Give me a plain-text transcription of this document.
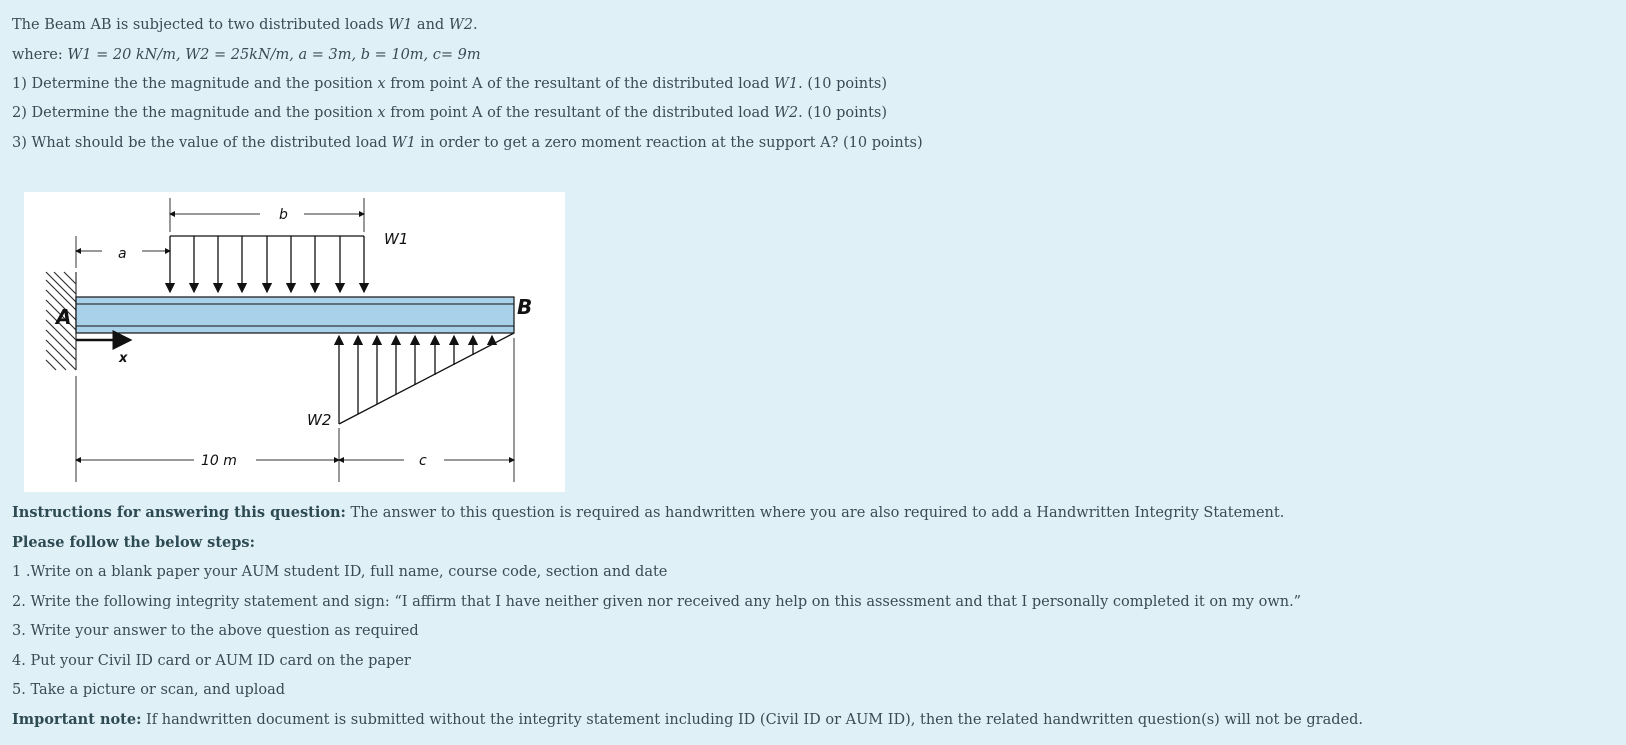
The Beam AB is subjected to two distributed loads W1 and W2.
where: W1 = 20 kN/m, W2 = 25kN/m, a = 3m, b = 10m, c= 9m
1) Determine the the magnitude and the position x from point A of the resultant of the distributed load W1. (10 points)
2) Determine the the magnitude and the position x from point A of the resultant of the distributed load W2. (10 points)
3) What should be the value of the distributed load W1 in order to get a zero moment reaction at the support A? (10 points)
b
a
W1
A	B
x
W2
10 m	c
Instructions for answering this question: The answer to this question is required as handwritten where you are also required to add a Handwritten Integrity Statement.
Please follow the below steps:
1 .Write on a blank paper your AUM student ID, full name, course code, section and date
2. Write the following integrity statement and sign: “I affirm that I have neither given nor received any help on this assessment and that I personally completed it on my own.”
3. Write your answer to the above question as required
4. Put your Civil ID card or AUM ID card on the paper
5. Take a picture or scan, and upload
Important note: If handwritten document is submitted without the integrity statement including ID (Civil ID or AUM ID), then the related handwritten question(s) will not be graded.
